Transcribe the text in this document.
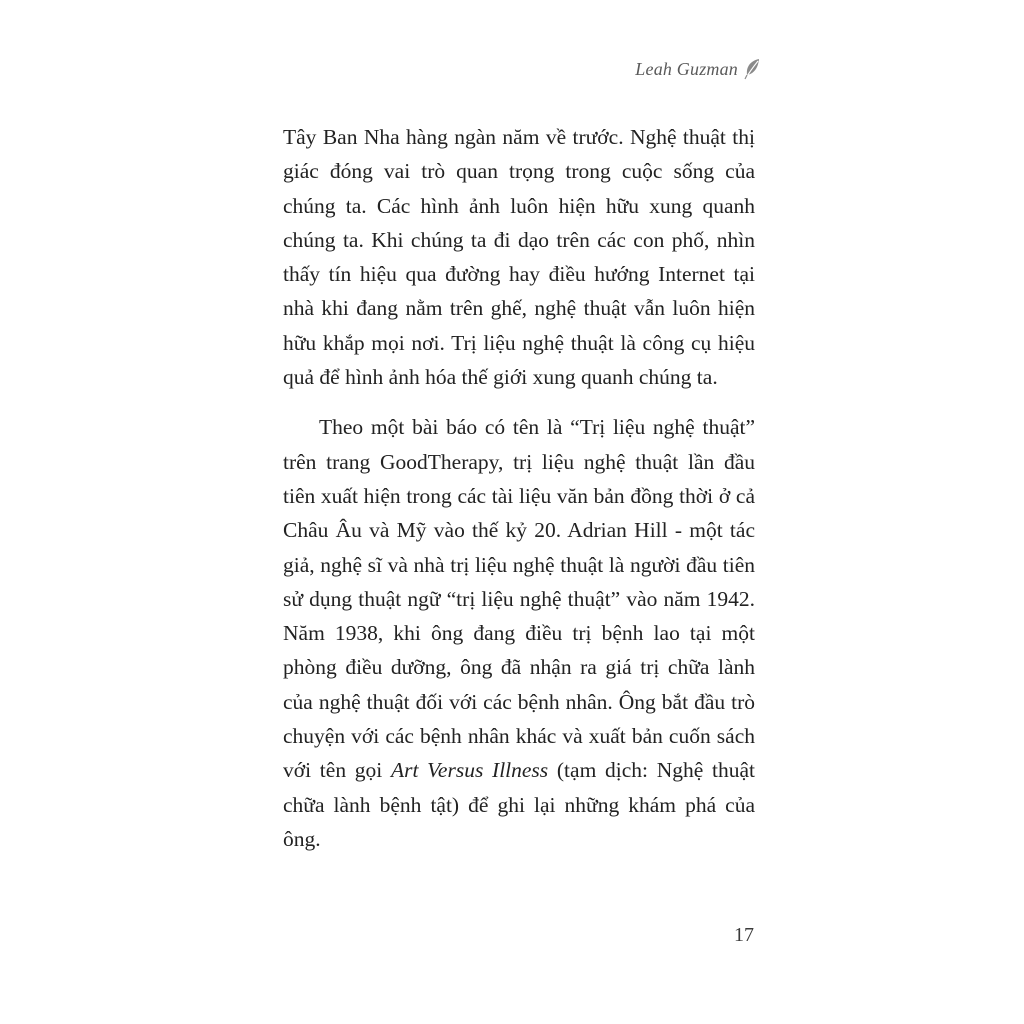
Leah Guzman

Tây Ban Nha hàng ngàn năm về trước. Nghệ thuật thị giác đóng vai trò quan trọng trong cuộc sống của chúng ta. Các hình ảnh luôn hiện hữu xung quanh chúng ta. Khi chúng ta đi dạo trên các con phố, nhìn thấy tín hiệu qua đường hay điều hướng Internet tại nhà khi đang nằm trên ghế, nghệ thuật vẫn luôn hiện hữu khắp mọi nơi. Trị liệu nghệ thuật là công cụ hiệu quả để hình ảnh hóa thế giới xung quanh chúng ta.

Theo một bài báo có tên là “Trị liệu nghệ thuật” trên trang GoodTherapy, trị liệu nghệ thuật lần đầu tiên xuất hiện trong các tài liệu văn bản đồng thời ở cả Châu Âu và Mỹ vào thế kỷ 20. Adrian Hill - một tác giả, nghệ sĩ và nhà trị liệu nghệ thuật là người đầu tiên sử dụng thuật ngữ “trị liệu nghệ thuật” vào năm 1942. Năm 1938, khi ông đang điều trị bệnh lao tại một phòng điều dưỡng, ông đã nhận ra giá trị chữa lành của nghệ thuật đối với các bệnh nhân. Ông bắt đầu trò chuyện với các bệnh nhân khác và xuất bản cuốn sách với tên gọi Art Versus Illness (tạm dịch: Nghệ thuật chữa lành bệnh tật) để ghi lại những khám phá của ông.

17
